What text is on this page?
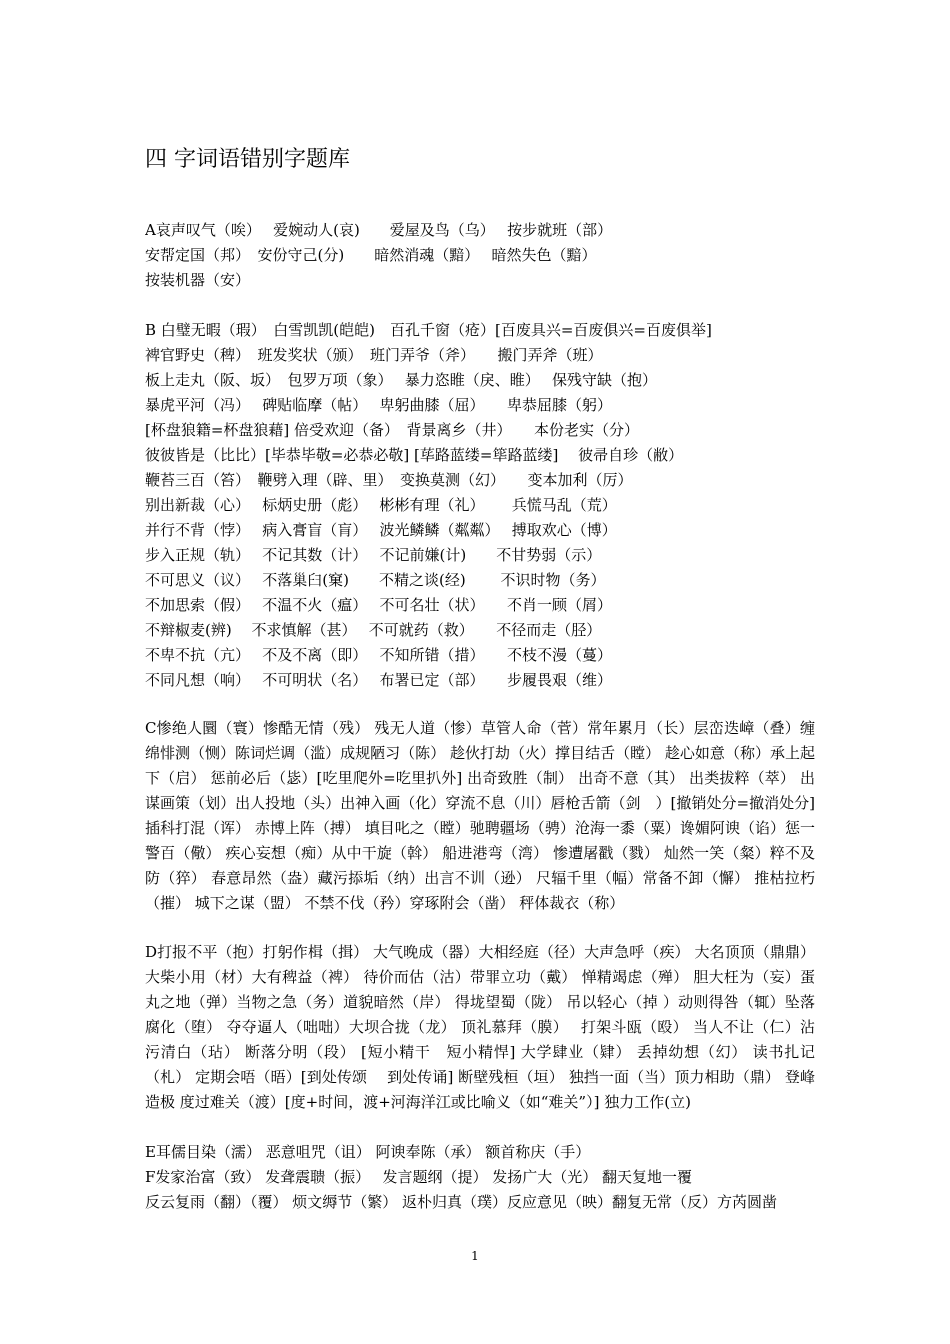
四 字词语错别字题库
A哀声叹气（唉）　 爱婉动人(哀)　　爱屋及鸟（乌）　 按步就班（部）
安帮定国（邦）　安份守己(分)　　暗然消魂（黯）　 暗然失色（黯）
按装机器（安）
B 白璧无暇（瑕）　白雪凯凯(皑皑)　百孔千窗（疮）[百废具兴=百废俱兴=百废俱举]
裨官野史（稗）　班发奖状（颁）　班门弄爷（斧）　　搬门弄斧（班）
板上走丸（阪、坂）　包罗万项（象）　 暴力恣睢（戾、睢）　 保残守缺（抱）
暴虎平河（冯）　 碑贴临摩（帖）　 卑躬曲膝（屈）　　卑恭屈膝（躬）
[杯盘狼籍=杯盘狼藉] 倍受欢迎（备）　背景离乡（井）　　本份老实（分）
彼彼皆是（比比）[毕恭毕敬=必恭必敬] [荜路蓝缕=筚路蓝缕]　 彼帚自珍（敝）
鞭苔三百（笞）　鞭劈入理（辟、里）　变换莫测（幻）　　变本加利（厉）
别出新裁（心）　 标炳史册（彪）　 彬彬有理（礼）　　 兵慌马乱（荒）
并行不背（悖）　 病入膏盲（肓）　 波光鳞鳞（粼粼）　 搏取欢心（博）
步入正规（轨）　 不记其数（计）　 不记前嫌(计)　　不甘势弱（示）
不可思义（议）　 不落巢臼(窠)　　不精之谈(经)　　 不识时物（务）
不加思索（假）　 不温不火（瘟）　 不可名壮（状）　　不肖一顾（屑）
不辩椒麦(辨)　 不求慎解（甚）　 不可就药（救）　　不径而走（胫）
不卑不抗（亢）　 不及不离（即）　 不知所错（措）　　不枝不漫（蔓）
不同凡想（响）　 不可明状（名）　 布署已定（部）　　步履畏艰（维）

C惨绝人圜（寰）惨酷无情（残） 残无人道（惨）草管人命（菅）常年累月（长）层峦迭嶂（叠）缠绵悱测（恻）陈词烂调（滥）成规陋习（陈） 趁伙打劫（火）撑目结舌（瞠） 趁心如意（称）承上起下（启） 惩前必后（毖）[吃里爬外=吃里扒外] 出奇致胜（制） 出奇不意（其） 出类拔粹（萃） 出谋画策（划）出人投地（头）出神入画（化）穿流不息（川）唇枪舌箭（剑　）[撤销处分=撤消处分] 插科打混（诨） 赤博上阵（搏） 填目叱之（瞠）驰聘疆场（骋）沧海一黍（粟）谗媚阿谀（谄）惩一警百（儆） 疾心妄想（痴）从中干旋（斡） 船进港弯（湾） 惨遭屠戳（戮） 灿然一笑（粲）粹不及防（猝） 春意昂然（盎）藏污掭垢（纳）出言不训（逊） 尺辐千里（幅）常备不卸（懈） 推枯拉朽（摧） 城下之谋（盟） 不禁不伐（矜）穿琢附会（凿） 秤体裁衣（称）

D打报不平（抱）打躬作楫（揖） 大气晚成（器）大相经庭（径）大声急呼（疾） 大名顶顶（鼎鼎）大柴小用（材）大有稗益（裨） 待价而估（沽）带罪立功（戴） 惮精竭虑（殚） 胆大枉为（妄）蛋丸之地（弹）当物之急（务）道貌暗然（岸） 得垅望蜀（陇） 吊以轻心（掉 ）动则得咎（辄）坠落腐化（堕） 夺夺逼人（咄咄）大坝合拢（龙） 顶礼慕拜（膜）　 打架斗瓯（殴） 当人不让（仁）沾污清白（玷） 断落分明（段） [短小精干　短小精悍] 大学肆业（肄） 丢掉幼想（幻） 读书扎记（札） 定期会唔（晤）[到处传颂　 到处传诵] 断壁残桓（垣） 独挡一面（当）顶力相助（鼎） 登峰造极 度过难关（渡）[度+时间，渡+河海洋江或比喻义（如“难关”）] 独力工作(立)

E耳儒目染（濡） 恶意咀咒（诅） 阿谀奉陈（承） 额首称庆（手）
F发家治富（致） 发聋震聩（振）　 发言题纲（提） 发扬广大（光） 翻天复地一覆
反云复雨（翻）（覆） 烦文缛节（繁） 返朴归真（璞）反应意见（映）翻复无常（反）方芮圆凿
1
